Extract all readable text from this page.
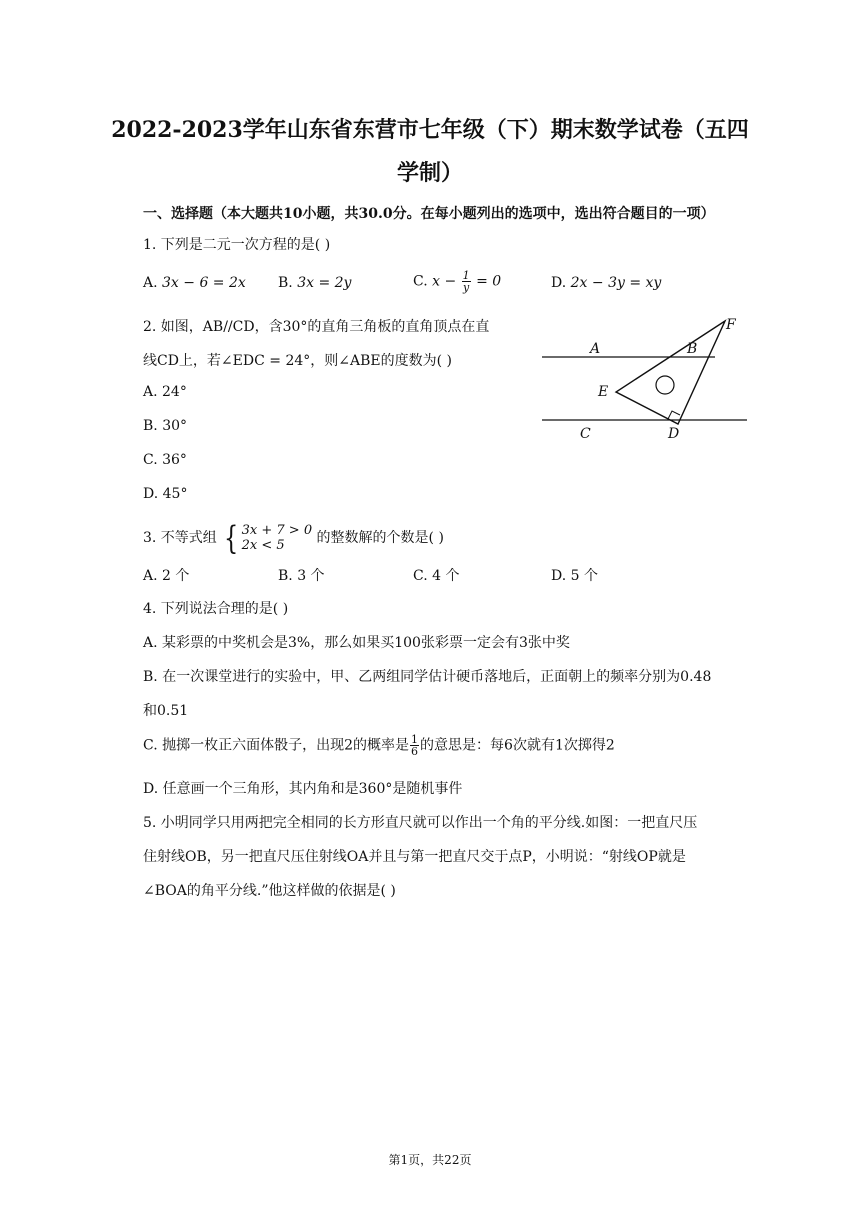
2022-2023学年山东省东营市七年级（下）期末数学试卷（五四
学制）
一、选择题（本大题共10小题，共30.0分。在每小题列出的选项中，选出符合题目的一项）
1. 下列是二元一次方程的是( )
A. 3x − 6 = 2x B. 3x = 2y	C. $x - \frac{1}{y} = 0$	D. 2x − 3y = xy
2. 如图，AB//CD，含30°的直角三角板的直角顶点在直
线CD上，若∠EDC = 24°，则∠ABE的度数为( )
A. 24°
B. 30°
C. 36°
D. 45°
A	B
F
E
C	D
3. 不等式组 { 3x + 7 > 0
2x < 5	的整数解的个数是( )
A. 2 个	B. 3 个	C. 4 个	D. 5 个
4. 下列说法合理的是( )
A. 某彩票的中奖机会是3%，那么如果买100张彩票一定会有3张中奖
B. 在一次课堂进行的实验中，甲、乙两组同学估计硬币落地后，正面朝上的频率分别为0.48
和0.51
C. 抛掷一枚正六面体骰子，出现2的概率是 $\frac{1}{6}$ 的意思是：每6次就有1次掷得2
D. 任意画一个三角形，其内角和是360°是随机事件
5. 小明同学只用两把完全相同的长方形直尺就可以作出一个角的平分线.如图：一把直尺压
住射线OB，另一把直尺压住射线OA并且与第一把直尺交于点P，小明说：“射线OP就是
∠BOA的角平分线.”他这样做的依据是( )
第1页，共22页
